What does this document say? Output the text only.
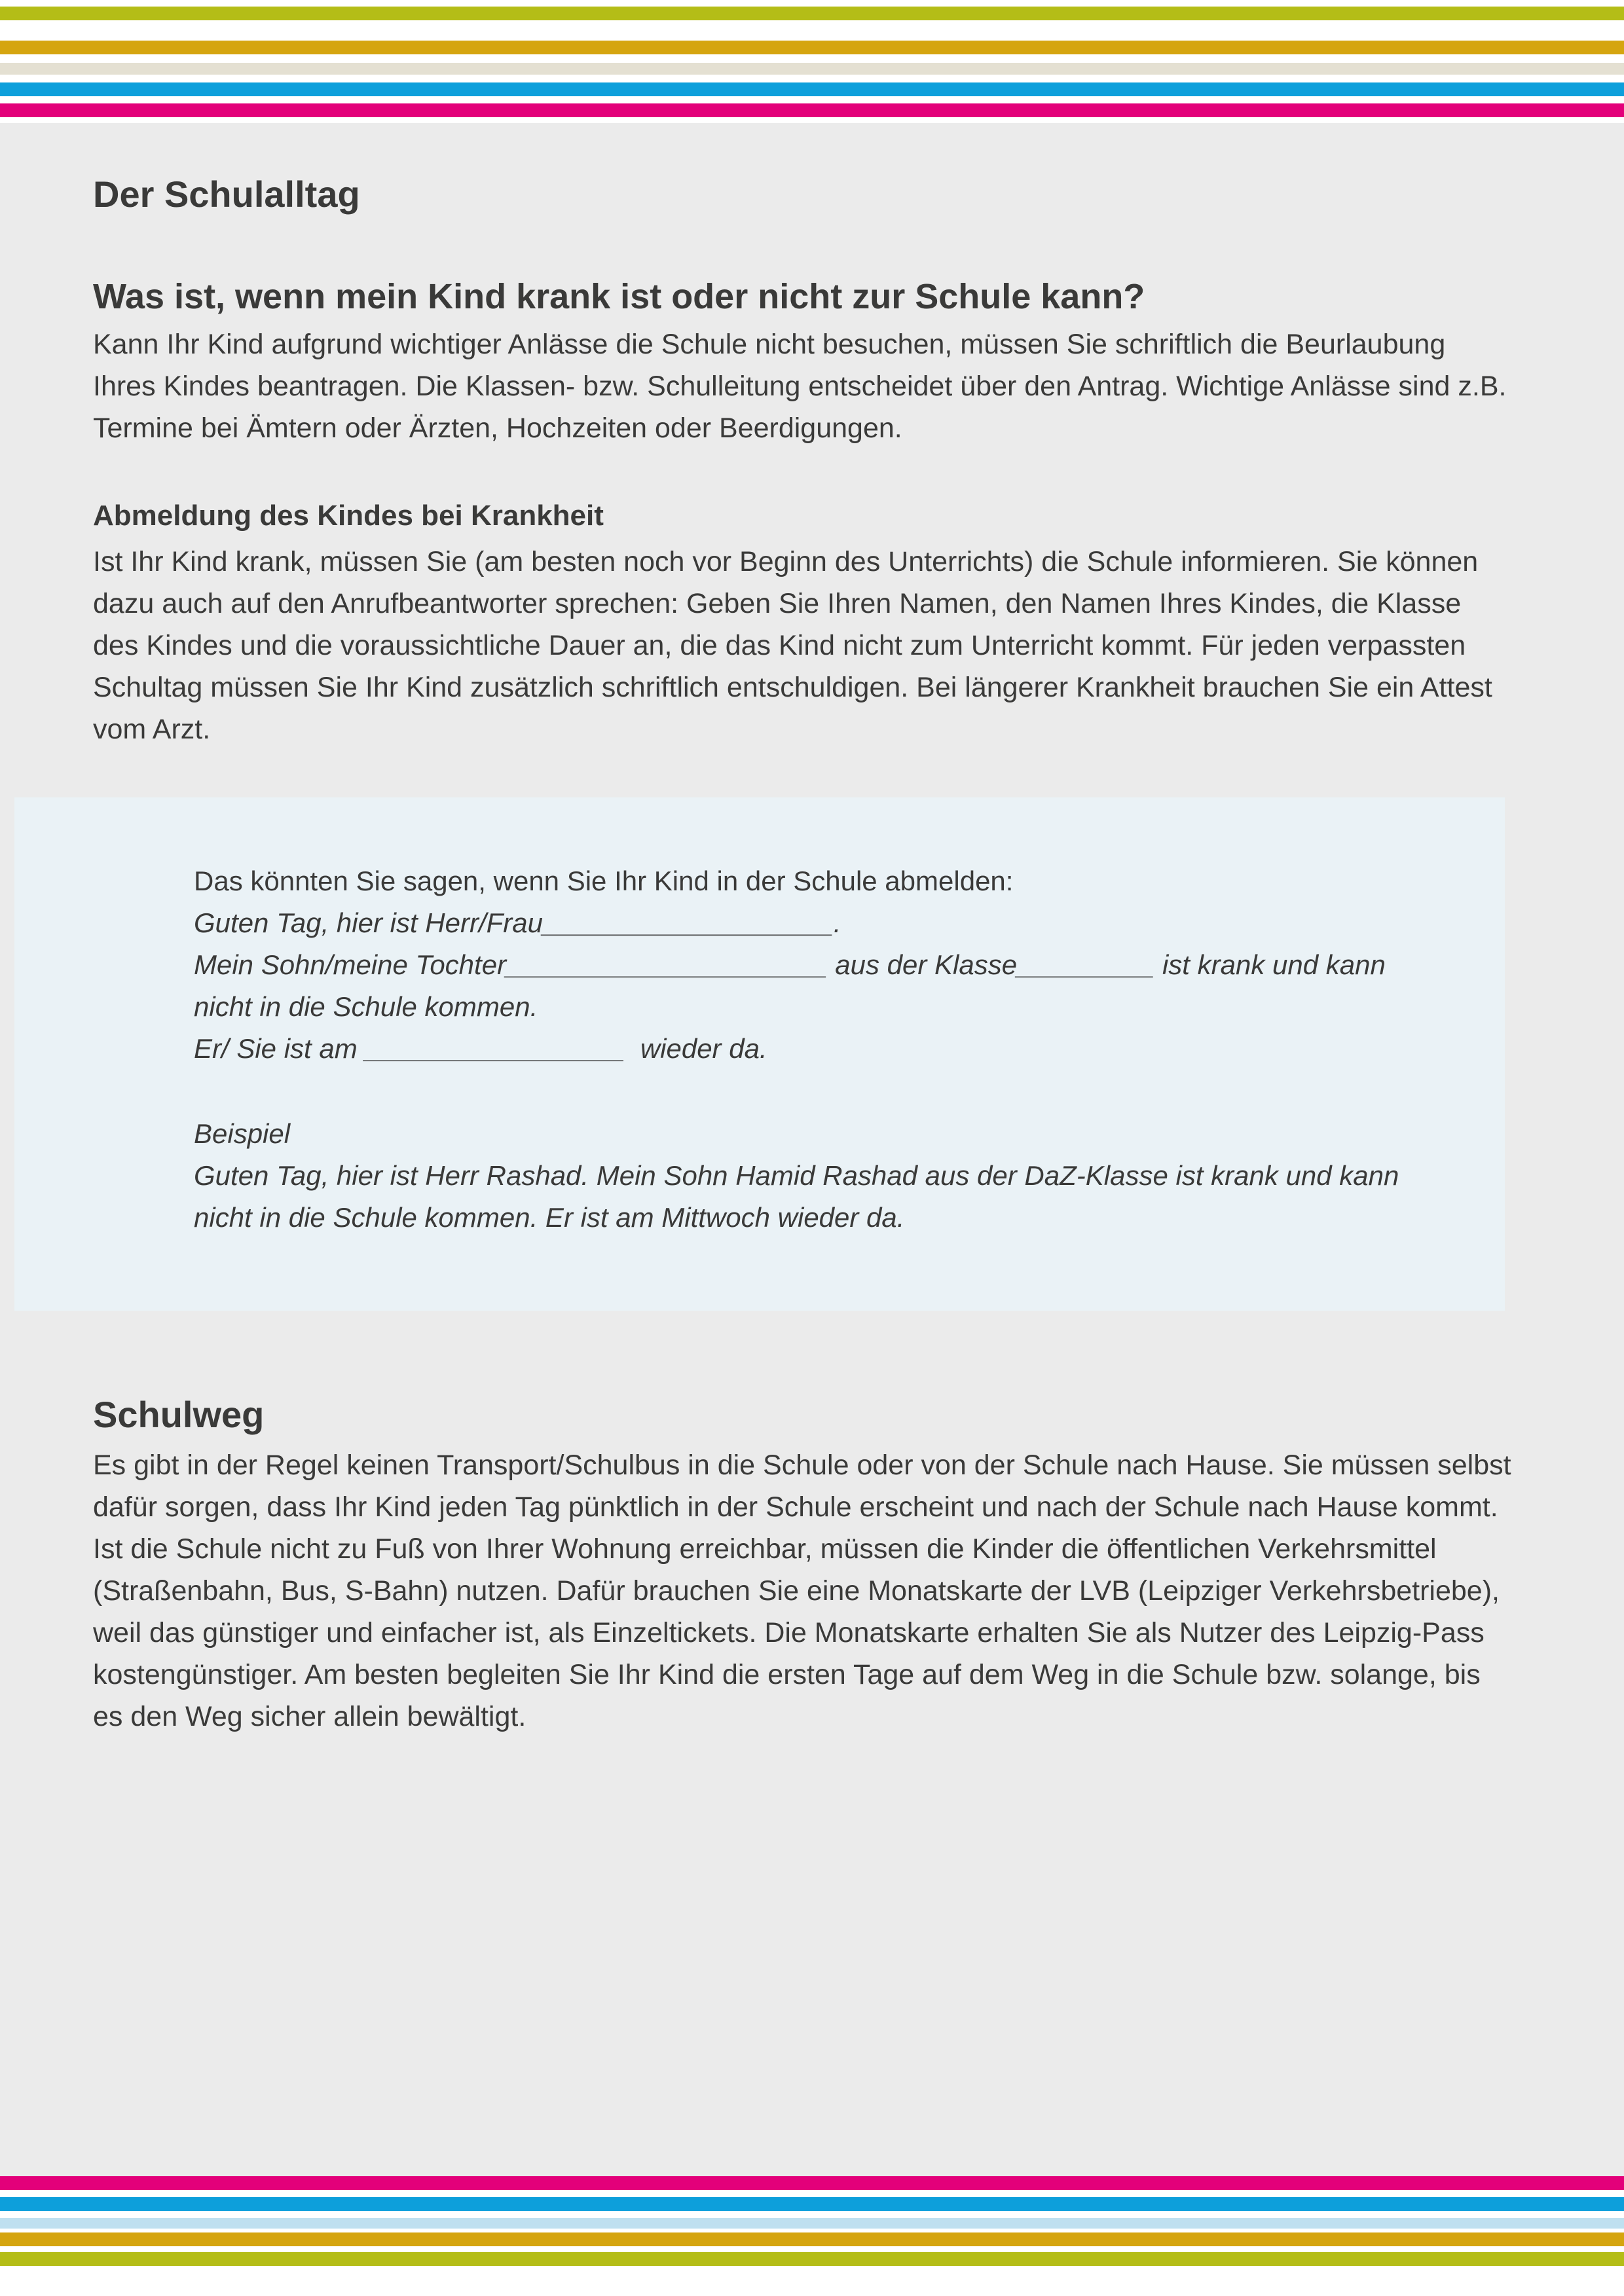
Der Schulalltag
Was ist, wenn mein Kind krank ist oder nicht zur Schule kann?

Kann Ihr Kind aufgrund wichtiger Anlässe die Schule nicht besuchen, müssen Sie schriftlich die Beurlaubung Ihres Kindes beantragen. Die Klassen- bzw. Schulleitung entscheidet über den Antrag. Wichtige Anlässe sind z.B. Termine bei Ämtern oder Ärzten, Hochzeiten oder Beerdigungen.

Abmeldung des Kindes bei Krankheit

Ist Ihr Kind krank, müssen Sie (am besten noch vor Beginn des Unterrichts) die Schule informieren. Sie können dazu auch auf den Anrufbeantworter sprechen: Geben Sie Ihren Namen, den Namen Ihres Kindes, die Klasse des Kindes und die voraussichtliche Dauer an, die das Kind nicht zum Unterricht kommt. Für jeden verpassten Schultag müssen Sie Ihr Kind zusätzlich schriftlich entschuldigen. Bei längerer Krankheit brauchen Sie ein Attest vom Arzt.

Das könnten Sie sagen, wenn Sie Ihr Kind in der Schule abmelden:

Guten Tag, hier ist Herr/Frau___________________.

Mein Sohn/meine Tochter_____________________ aus der Klasse_________ ist krank und kann nicht in die Schule kommen.

Er/ Sie ist am _________________  wieder da.

Beispiel

Guten Tag, hier ist Herr Rashad. Mein Sohn Hamid Rashad aus der DaZ-Klasse ist krank und kann nicht in die Schule kommen. Er ist am Mittwoch wieder da.

Schulweg

Es gibt in der Regel keinen Transport/Schulbus in die Schule oder von der Schule nach Hause. Sie müssen selbst dafür sorgen, dass Ihr Kind jeden Tag pünktlich in der Schule erscheint und nach der Schule nach Hause kommt. Ist die Schule nicht zu Fuß von Ihrer Wohnung erreichbar, müssen die Kinder die öffentlichen Verkehrsmittel (Straßenbahn, Bus, S-Bahn) nutzen. Dafür brauchen Sie eine Monatskarte der LVB (Leipziger Verkehrsbetriebe), weil das günstiger und einfacher ist, als Einzeltickets. Die Monatskarte erhalten Sie als Nutzer des Leipzig-Pass kostengünstiger. Am besten begleiten Sie Ihr Kind die ersten Tage auf dem Weg in die Schule bzw. solange, bis es den Weg sicher allein bewältigt.
